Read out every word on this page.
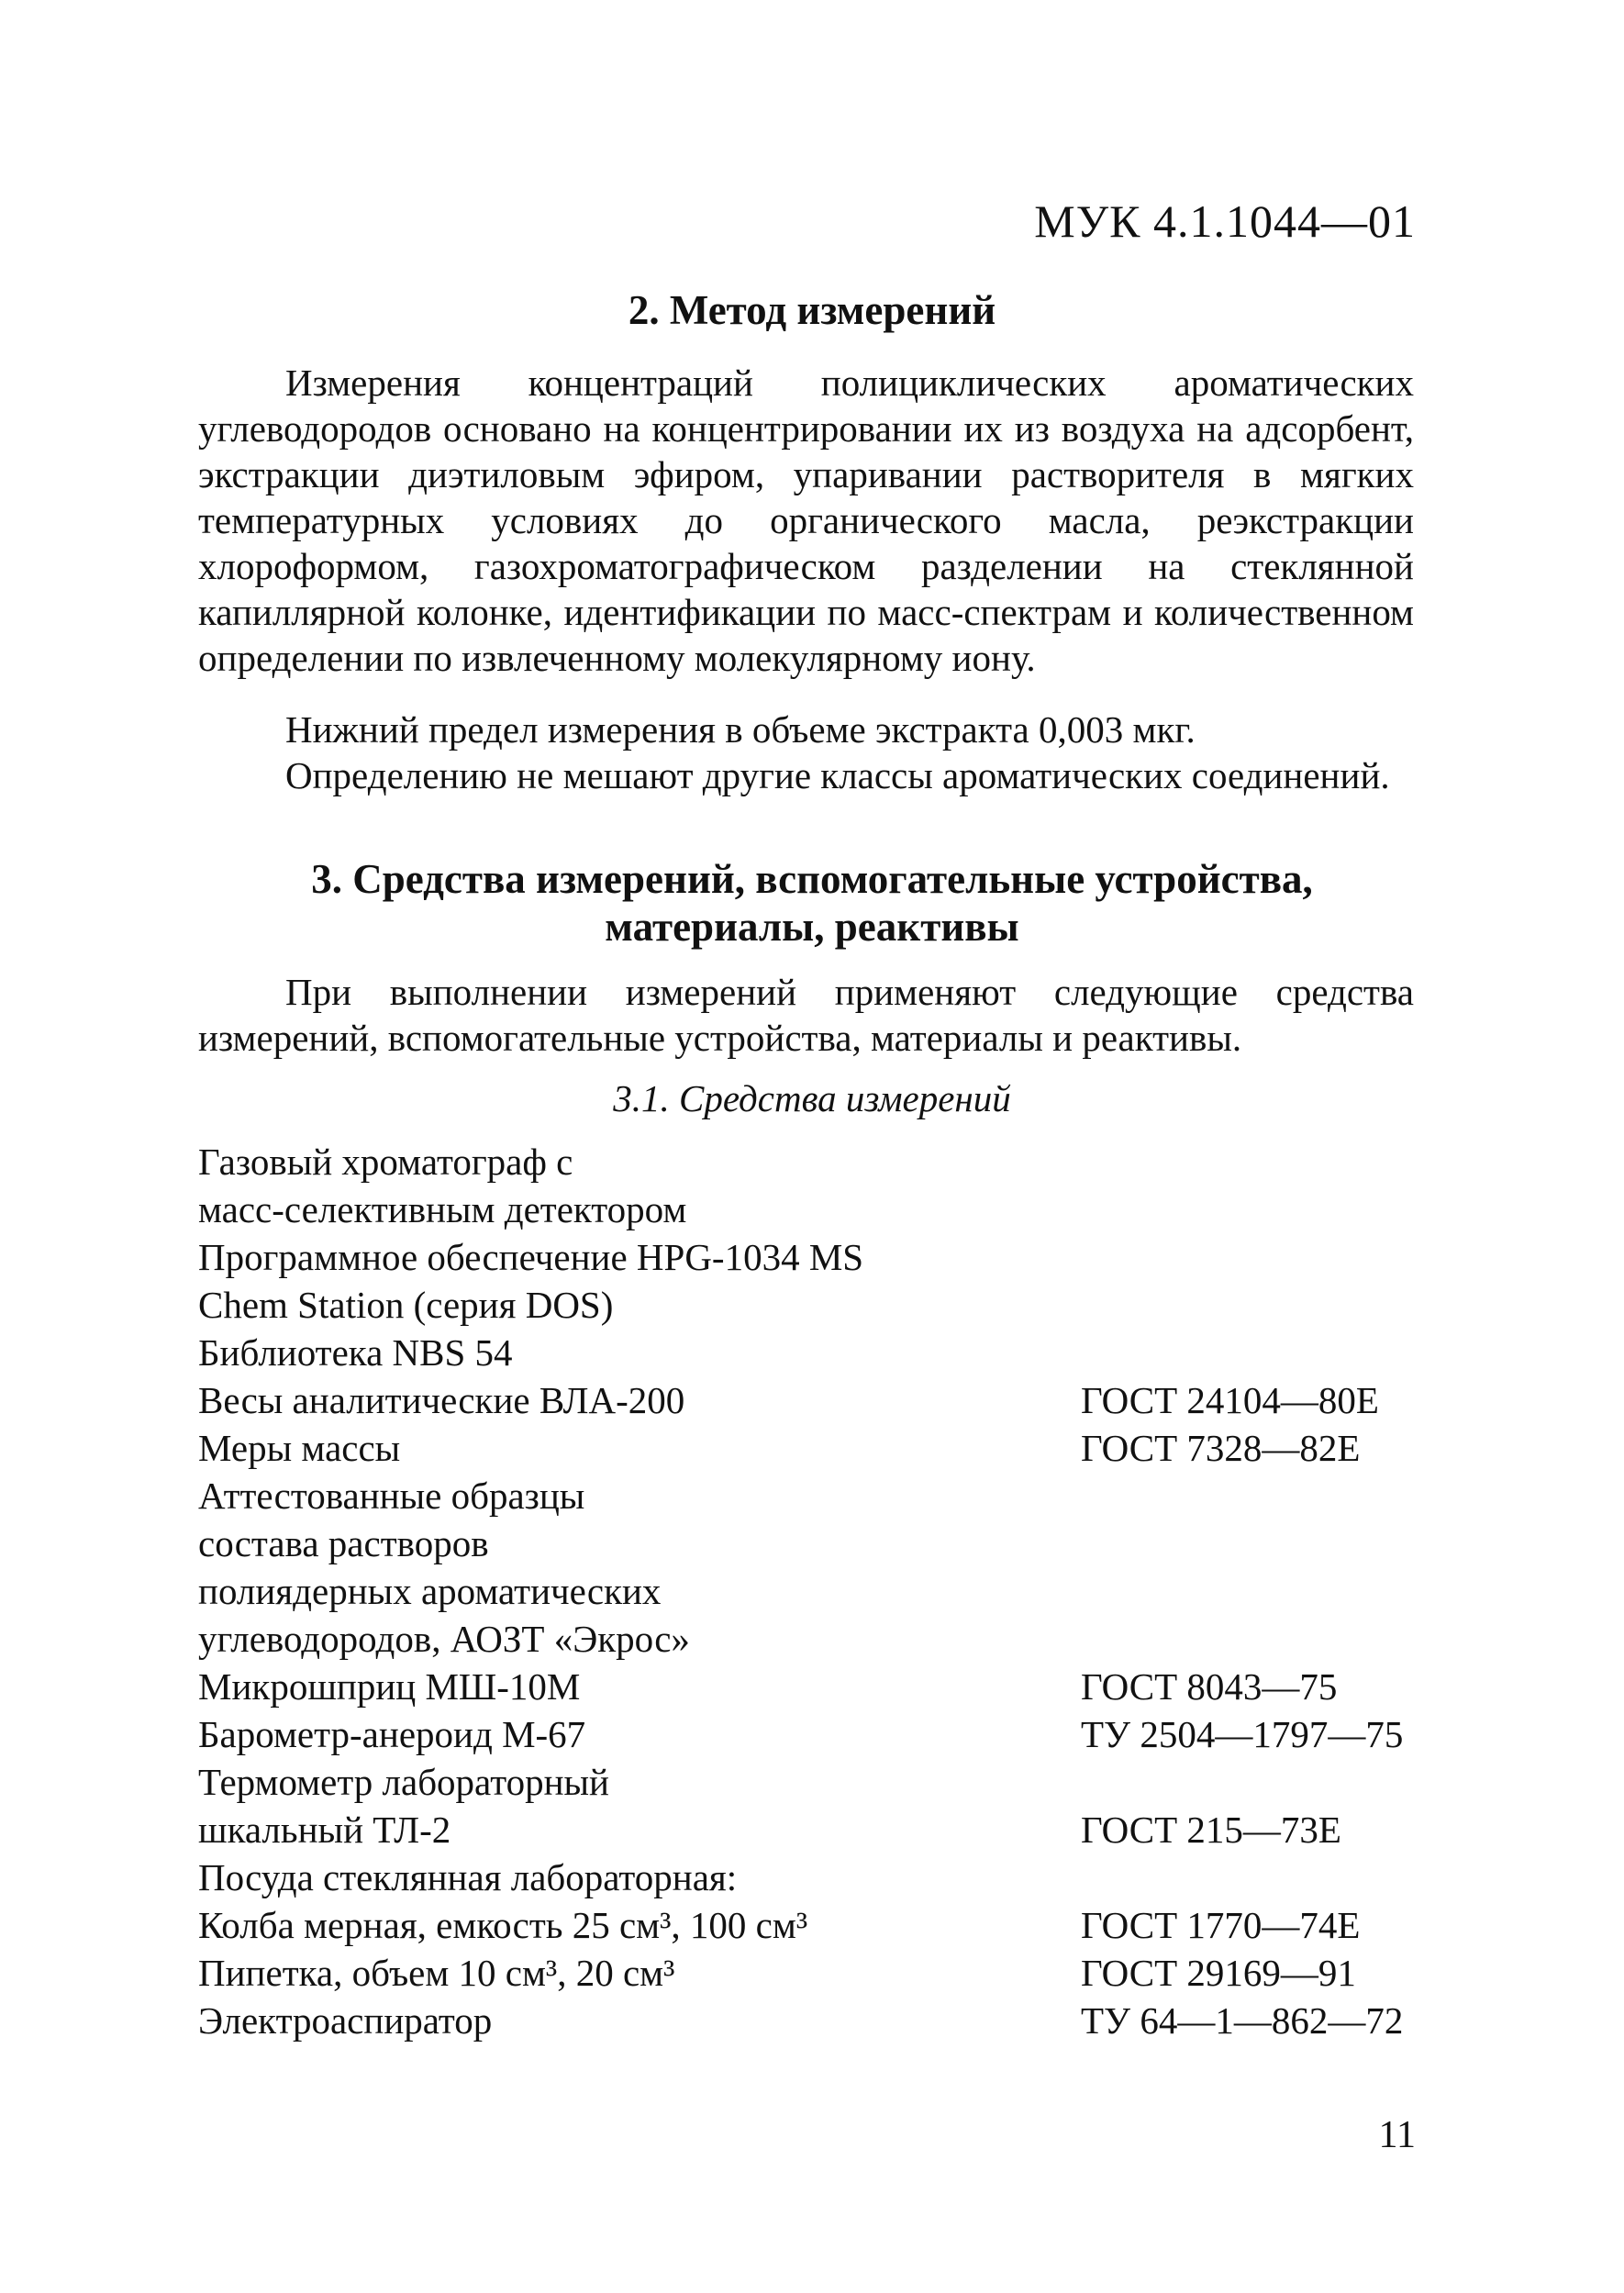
МУК 4.1.1044—01
2. Метод измерений

Измерения концентраций полициклических ароматических углеводородов основано на концентрировании их из воздуха на адсорбент, экстракции диэтиловым эфиром, упаривании растворителя в мягких температурных условиях до органического масла, реэкстракции хлороформом, газохроматографическом разделении на стеклянной капиллярной колонке, идентификации по масс-спектрам и количественном определении по извлеченному молекулярному иону.

Нижний предел измерения в объеме экстракта 0,003 мкг.

Определению не мешают другие классы ароматических соединений.

3. Средства измерений, вспомогательные устройства,
материалы, реактивы

При выполнении измерений применяют следующие средства измерений, вспомогательные устройства, материалы и реактивы.

3.1. Средства измерений
Газовый хроматограф с
масс-селективным детектором
Программное обеспечение HPG-1034 MS
Chem Station (серия DOS)
Библиотека NBS 54
Весы аналитические ВЛА-200	ГОСТ 24104—80Е
Меры массы	ГОСТ 7328—82Е
Аттестованные образцы
состава растворов
полиядерных ароматических
углеводородов, АОЗТ «Экрос»
Микрошприц МШ-10М	ГОСТ 8043—75
Барометр-анероид М-67	ТУ 2504—1797—75
Термометр лабораторный
шкальный ТЛ-2	ГОСТ 215—73Е
Посуда стеклянная лабораторная:
Колба мерная, емкость 25 см³, 100 см³	ГОСТ 1770—74Е
Пипетка, объем 10 см³, 20 см³	ГОСТ 29169—91
Электроаспиратор	ТУ 64—1—862—72
11
